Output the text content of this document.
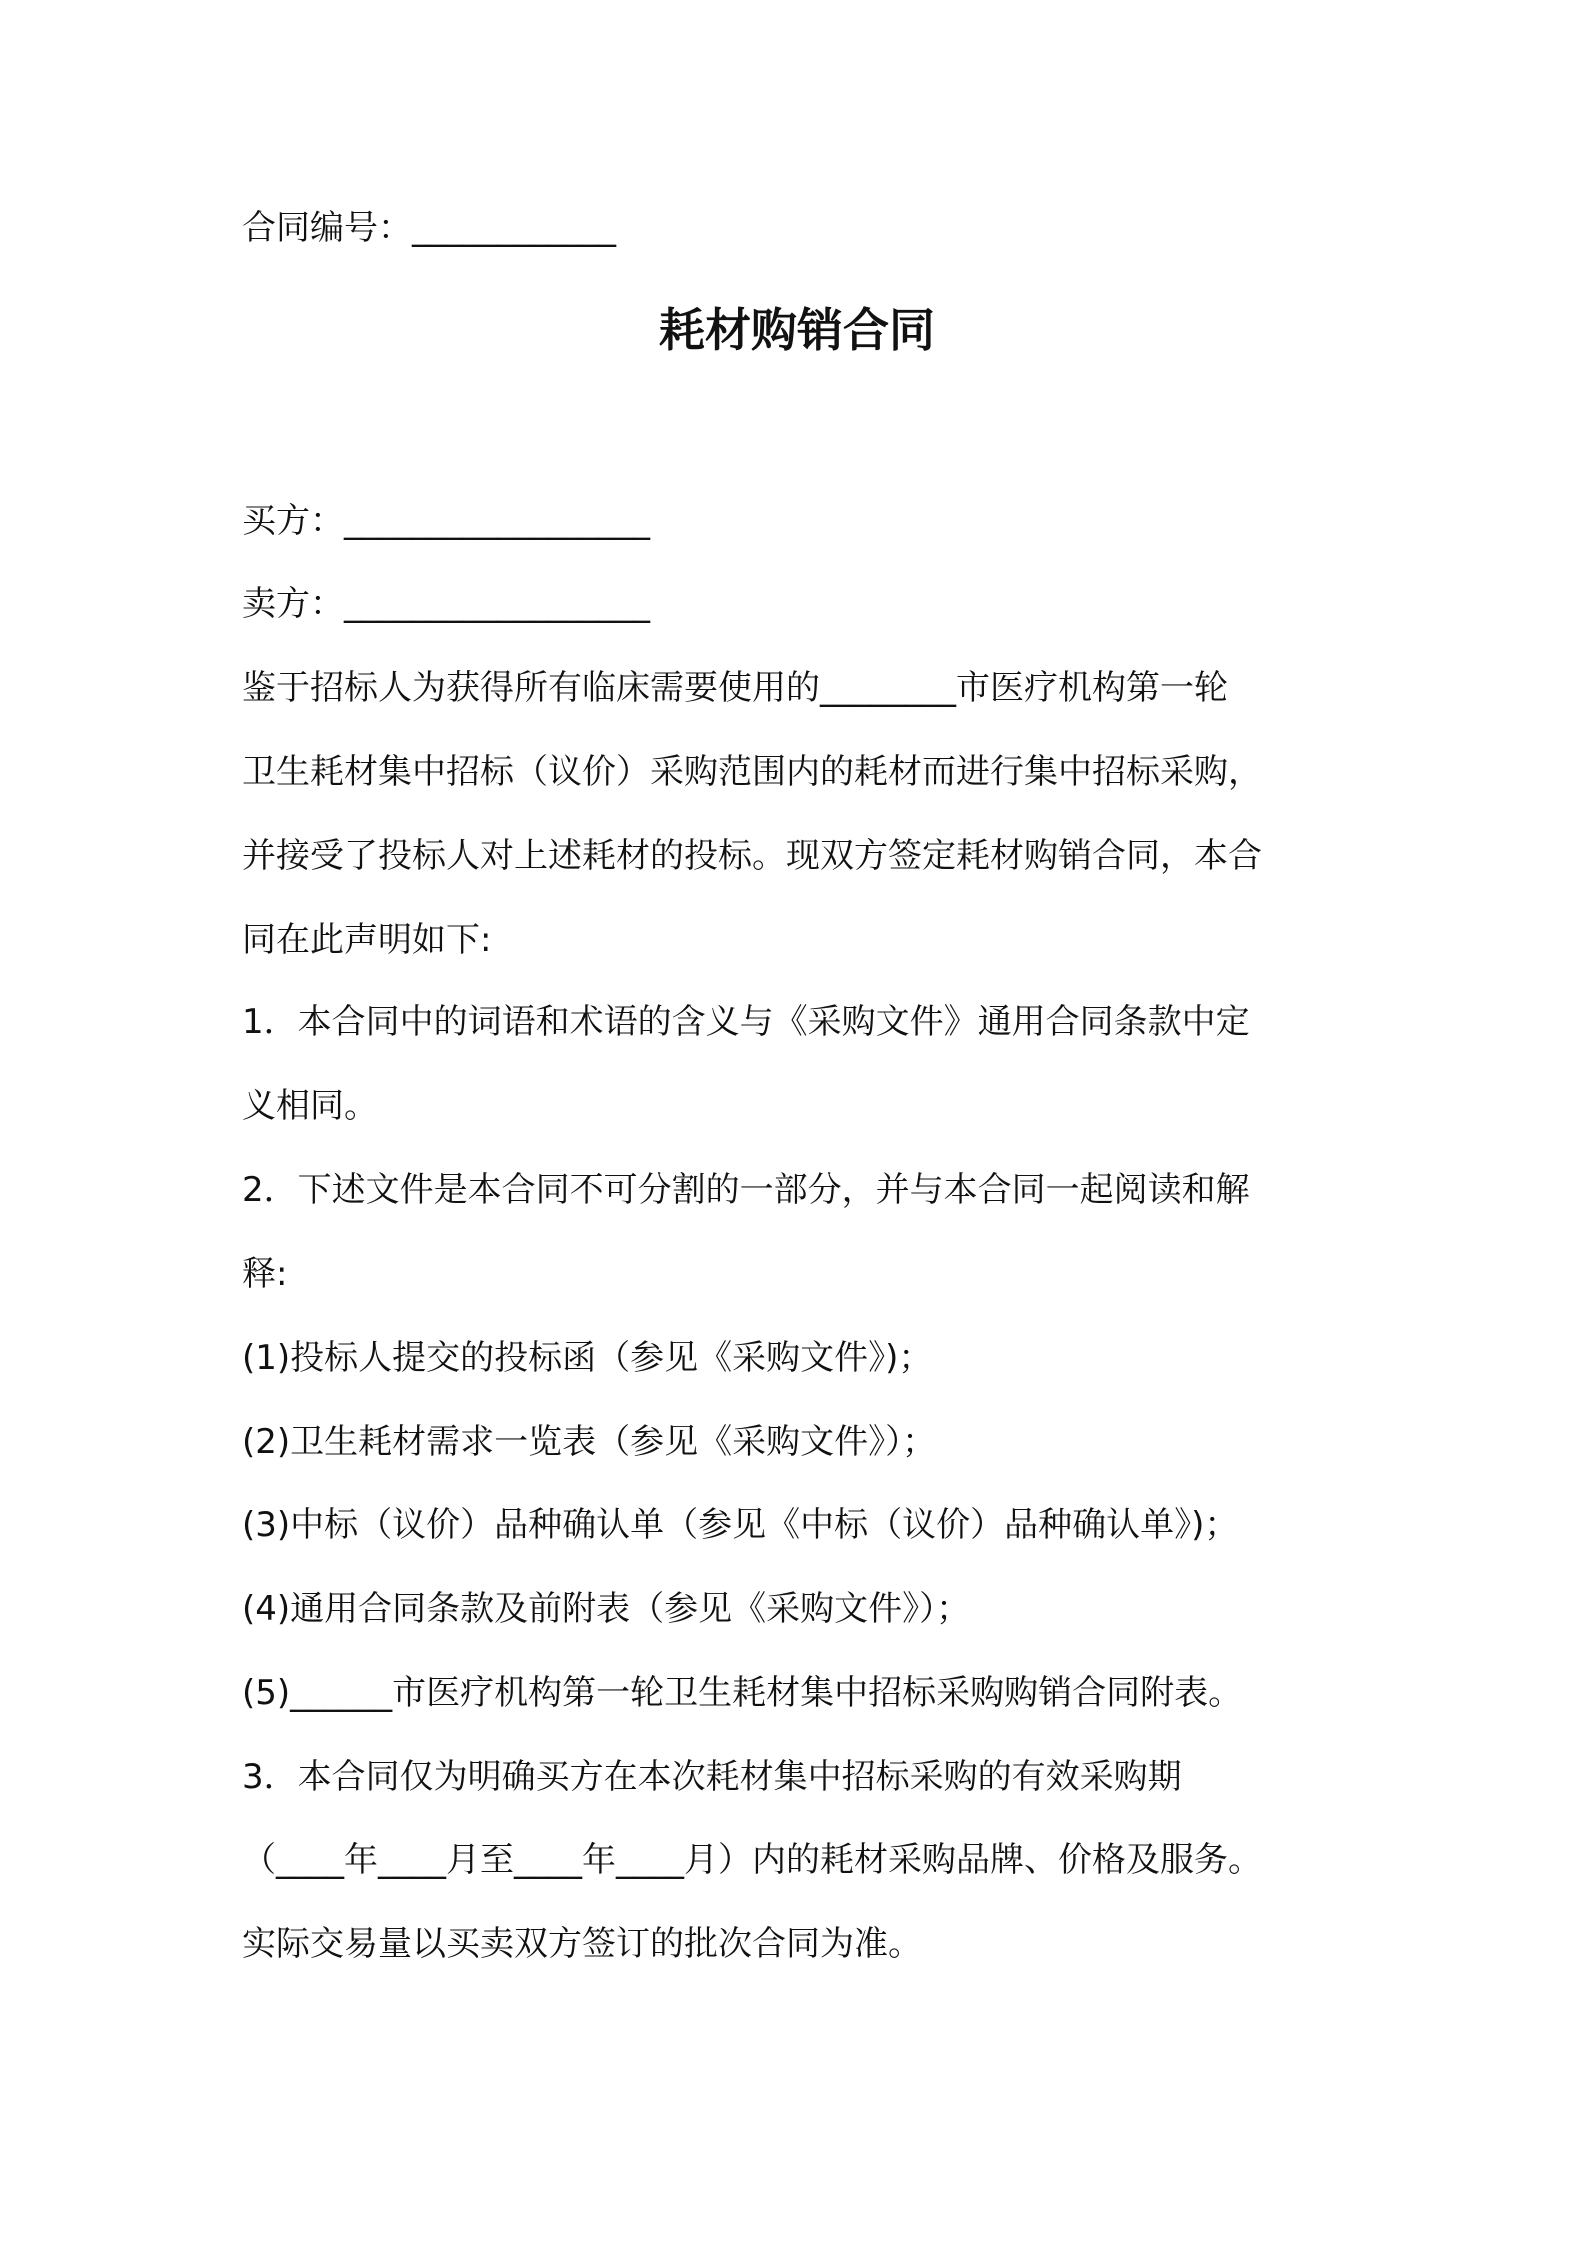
合同编号：____________

耗材购销合同

买方：__________________

卖方：__________________

鉴于招标人为获得所有临床需要使用的________市医疗机构第一轮

卫生耗材集中招标（议价）采购范围内的耗材而进行集中招标采购，

并接受了投标人对上述耗材的投标。现双方签定耗材购销合同，本合

同在此声明如下:

1．本合同中的词语和术语的含义与《采购文件》通用合同条款中定

义相同。

2．下述文件是本合同不可分割的一部分，并与本合同一起阅读和解

释:

(1)投标人提交的投标函（参见《采购文件》)；

(2)卫生耗材需求一览表（参见《采购文件》）；

(3)中标（议价）品种确认单（参见《中标（议价）品种确认单》)；

(4)通用合同条款及前附表（参见《采购文件》）；

(5)______市医疗机构第一轮卫生耗材集中招标采购购销合同附表。

3．本合同仅为明确买方在本次耗材集中招标采购的有效采购期

（____年____月至____年____月）内的耗材采购品牌、价格及服务。

实际交易量以买卖双方签订的批次合同为准。
